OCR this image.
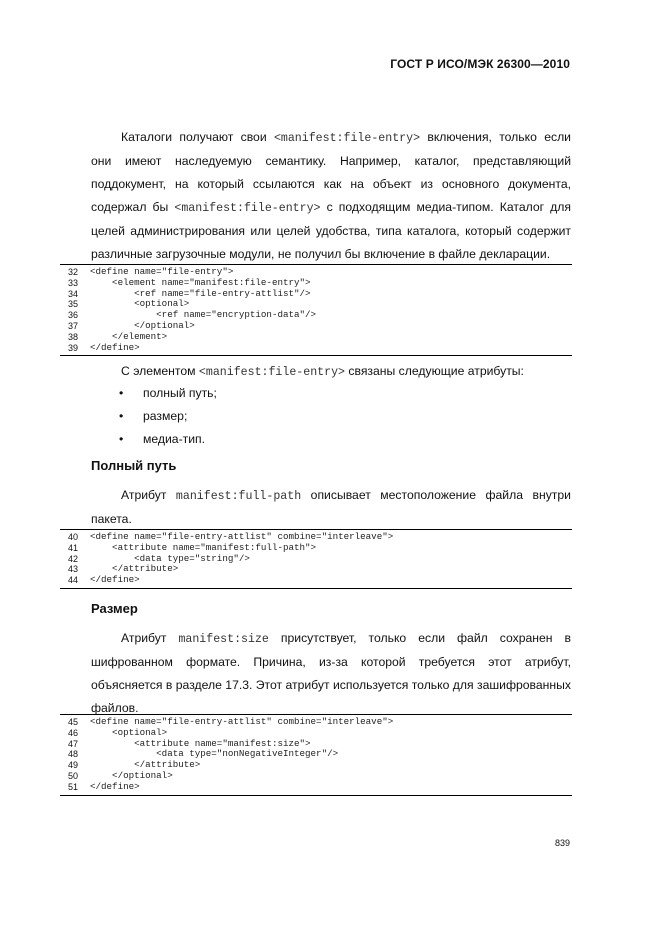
ГОСТ Р ИСО/МЭК 26300—2010

Каталоги получают свои <manifest:file-entry> включения, только если они имеют наследуемую семантику. Например, каталог, представляющий поддокумент, на который ссылаются как на объект из основного документа, содержал бы <manifest:file-entry> с подходящим медиа-типом. Каталог для целей администрирования или целей удобства, типа каталога, который содержит различные загрузочные модули, не получил бы включение в файле декларации.

32 <define name="file-entry">
33 <element name="manifest:file-entry">
34 <ref name="file-entry-attlist"/>
35 <optional>
36 <ref name="encryption-data"/>
37 </optional>
38 </element>
39 </define>

С элементом <manifest:file-entry> связаны следующие атрибуты:

• полный путь;
• размер;
• медиа-тип.
Полный путь

Атрибут manifest:full-path описывает местоположение файла внутри пакета.

40 <define name="file-entry-attlist" combine="interleave">
41 <attribute name="manifest:full-path">
42 <data type="string"/>
43 </attribute>
44 </define>
Размер

Атрибут manifest:size присутствует, только если файл сохранен в шифрованном формате. Причина, из-за которой требуется этот атрибут, объясняется в разделе 17.3. Этот атрибут используется только для зашифрованных файлов.

45 <define name="file-entry-attlist" combine="interleave">
46 <optional>
47 <attribute name="manifest:size">
48 <data type="nonNegativeInteger"/>
49 </attribute>
50 </optional>
51 </define>
839
